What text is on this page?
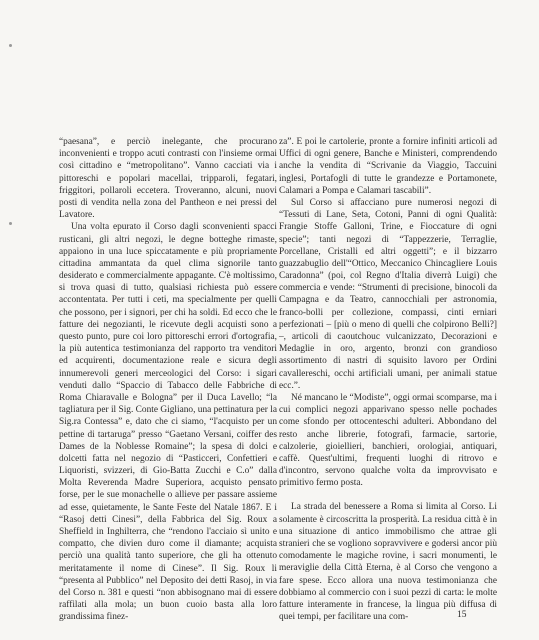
“paesana”, e perciò inelegante, che procurano inconvenienti e troppo acuti contrasti con l'insieme ormai così cittadino e “metropolitano”. Vanno cacciati via i pittoreschi e popolari macellai, tripparoli, fegatari, friggitori, pollaroli eccetera. Troveranno, alcuni, nuovi posti di vendita nella zona del Pantheon e nei pressi del Lavatore.

Una volta epurato il Corso dagli sconvenienti spacci rusticani, gli altri negozi, le degne botteghe rimaste, appaiono in una luce spiccatamente e più propriamente cittadina ammantata da quel clima signorile tanto desiderato e commercialmente appagante. C'è moltissimo, si trova quasi di tutto, qualsiasi richiesta può essere accontentata. Per tutti i ceti, ma specialmente per quelli che possono, per i signori, per chi ha soldi. Ed ecco che le fatture dei negozianti, le ricevute degli acquisti sono a questo punto, pure coi loro pittoreschi errori d'ortografia, la più autentica testimonianza del rapporto tra venditori ed acquirenti, documentazione reale e sicura degli innumerevoli generi merceologici del Corso: i sigari venduti dallo “Spaccio di Tabacco delle Fabbriche di Roma Chiaravalle e Bologna” per il Duca Lavello; “la tagliatura per il Sig. Conte Gigliano, una pettinatura per la Sig.ra Contessa” e, dato che ci siamo, “l'acquisto per un pettine di tartaruga” presso “Gaetano Versani, coiffer des Dames de la Noblesse Romaine”; la spesa di dolci e dolcetti fatta nel negozio di “Pasticceri, Confettieri e Liquoristi, svizzeri, di Gio-Batta Zucchi e C.o” dalla Molta Reverenda Madre Superiora, acquisto pensato forse, per le sue monachelle o allieve per passare assieme ad esse, quietamente, le Sante Feste del Natale 1867. E i “Rasoj detti Cinesi”, della Fabbrica del Sig. Roux a Sheffield in Inghilterra, che “rendono l'acciaio sì unito e compatto, che divien duro come il diamante; acquista perciò una qualità tanto superiore, che gli ha ottenuto meritatamente il nome di Cinese”. Il Sig. Roux li “presenta al Pubblico” nel Deposito dei detti Rasoj, in via del Corso n. 381 e questi “non abbisognano mai di essere raffilati alla mola; un buon cuoio basta alla loro grandissima finez-

za”. E poi le cartolerie, pronte a fornire infiniti articoli ad Uffici di ogni genere, Banche e Ministeri, comprendendo anche la vendita di “Scrivanie da Viaggio, Taccuini inglesi, Portafogli di tutte le grandezze e Portamonete, Calamari a Pompa e Calamari tascabili”.

Sul Corso si affacciano pure numerosi negozi di “Tessuti di Lane, Seta, Cotoni, Panni di ogni Qualità: Frangie Stoffe Galloni, Trine, e Fioccature di ogni specie”; tanti negozi di “Tappezzerie, Terraglie, Porcellane, Cristalli ed altri oggetti”; e il bizzarro guazzabuglio dell'“Ottico, Meccanico Chincagliere Louis Caradonna” (poi, col Regno d'Italia diverrà Luigi) che commercia e vende: “Strumenti di precisione, binocoli da Campagna e da Teatro, cannocchiali per astronomia, franco-bolli per collezione, compassi, cinti erniari perfezionati – [più o meno di quelli che colpirono Belli?] –, articoli di caoutchouc vulcanizzato, Decorazioni e Medaglie in oro, argento, bronzi con grandioso assortimento di nastri di squisito lavoro per Ordini cavallereschi, occhi artificiali umani, per animali statue ecc.”.

Né mancano le “Modiste”, oggi ormai scomparse, ma i cui complici negozi apparivano spesso nelle pochades come sfondo per ottocenteschi adulteri. Abbondano del resto anche librerie, fotografi, farmacie, sartorie, calzolerie, gioiellieri, banchieri, orologiai, antiquari, caffè. Quest'ultimi, frequenti luoghi di ritrovo e d'incontro, servono qualche volta da improvvisato e primitivo fermo posta.

La strada del benessere a Roma si limita al Corso. Li solamente è circoscritta la prosperità. La residua città è in una situazione di antico immobilismo che attrae gli stranieri che se vogliono sopravvivere e godersi ancor più comodamente le magiche rovine, i sacri monumenti, le meraviglie della Città Eterna, è al Corso che vengono a fare spese. Ecco allora una nuova testimonianza che dobbiamo al commercio con i suoi pezzi di carta: le molte fatture interamente in francese, la lingua più diffusa di quei tempi, per facilitare una com-	15
